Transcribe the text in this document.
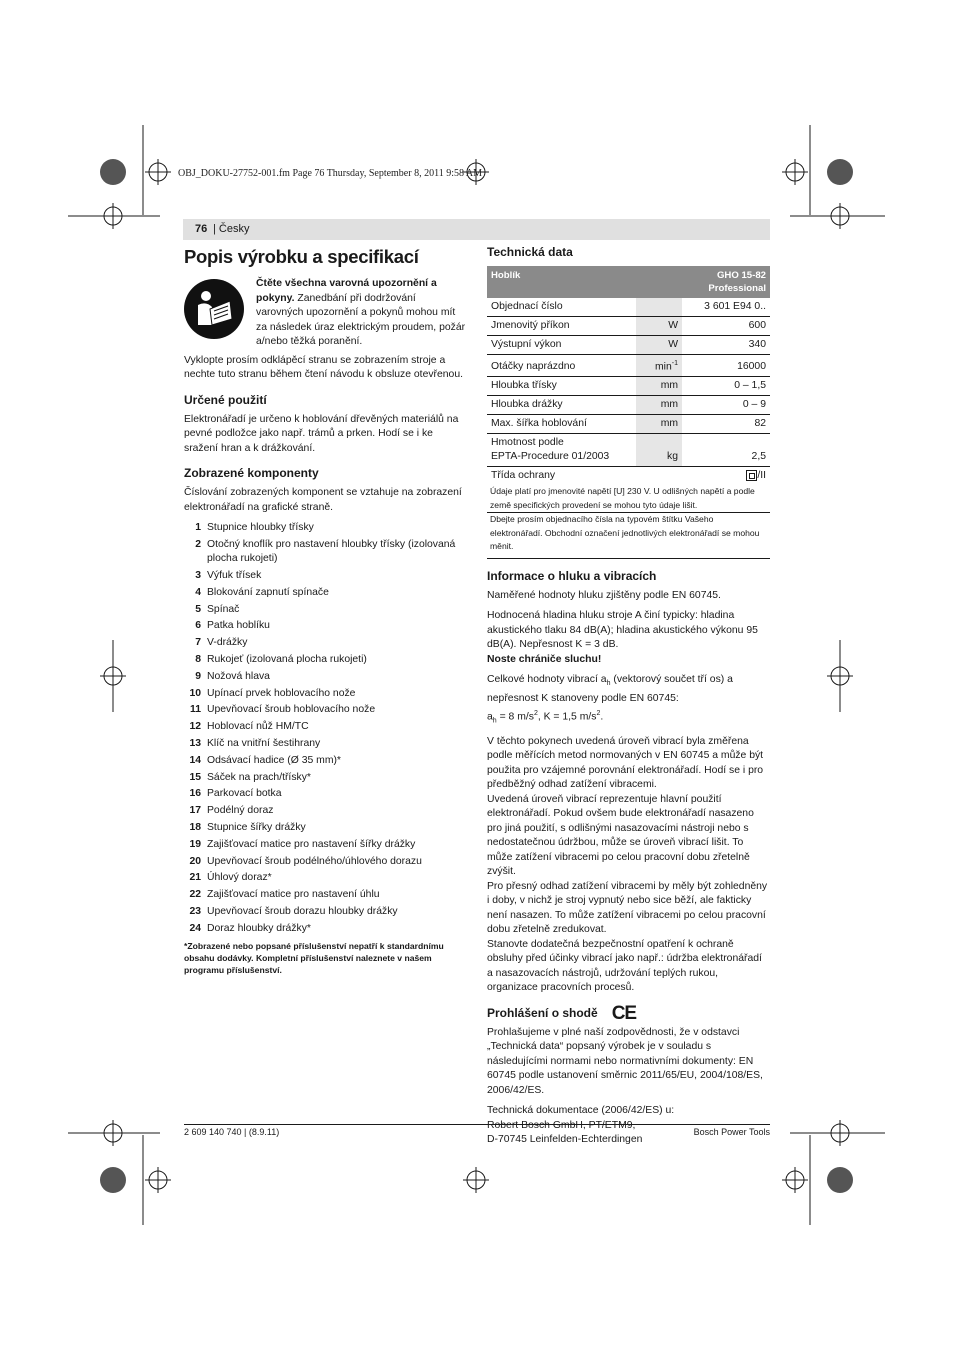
OBJ_DOKU-27752-001.fm Page 76 Thursday, September 8, 2011 9:58 AM
76 | Česky
Popis výrobku a specifikací

Čtěte všechna varovná upozornění a pokyny. Zanedbání při dodržování varovných upozornění a pokynů mohou mít za následek úraz elektrickým proudem, požár a/nebo těžká poranění.

Vyklopte prosím odklápěcí stranu se zobrazením stroje a nechte tuto stranu během čtení návodu k obsluze otevřenou.

Určené použití

Elektronářadí je určeno k hoblování dřevěných materiálů na pevné podložce jako např. trámů a prken. Hodí se i ke sražení hran a k drážkování.

Zobrazené komponenty

Číslování zobrazených komponent se vztahuje na zobrazení elektronářadí na grafické straně.

1 Stupnice hloubky třísky
2 Otočný knoflík pro nastavení hloubky třísky (izolovaná plocha rukojeti)
3 Výfuk třísek
4 Blokování zapnutí spínače
5 Spínač
6 Patka hoblíku
7 V-drážky
8 Rukojeť (izolovaná plocha rukojeti)
9 Nožová hlava
10 Upínací prvek hoblovacího nože
11 Upevňovací šroub hoblovacího nože
12 Hoblovací nůž HM/TC
13 Klíč na vnitřní šestihrany
14 Odsávací hadice (Ø 35 mm)*
15 Sáček na prach/třísky*
16 Parkovací botka
17 Podélný doraz
18 Stupnice šířky drážky
19 Zajišťovací matice pro nastavení šířky drážky
20 Upevňovací šroub podélného/úhlového dorazu
21 Úhlový doraz*
22 Zajišťovací matice pro nastavení úhlu
23 Upevňovací šroub dorazu hloubky drážky
24 Doraz hloubky drážky*
*Zobrazené nebo popsané příslušenství nepatří k standardnímu obsahu dodávky. Kompletní příslušenství naleznete v našem programu příslušenství.
Technická data
Hoblík		GHO 15-82
Professional
Objednací číslo		3 601 E94 0..
Jmenovitý příkon	W	600
Výstupní výkon	W	340
Otáčky naprázdno	$\min^{-1}$	16000
Hloubka třísky	mm	0 – 1,5
Hloubka drážky	mm	0 – 9
Max. šířka hoblování	mm	82
Hmotnost podle
EPTA-Procedure 01/2003	kg	2,5
Třída ochrany		/II
Údaje platí pro jmenovité napětí [U] 230 V. U odlišných napětí a podle země specifických provedení se mohou tyto údaje lišit.
Dbejte prosím objednacího čísla na typovém štítku Vašeho elektronářadí. Obchodní označení jednotlivých elektronářadí se mohou měnit.
Informace o hluku a vibracích

Naměřené hodnoty hluku zjištěny podle EN 60745.

Hodnocená hladina hluku stroje A činí typicky: hladina akustického tlaku 84 dB(A); hladina akustického výkonu 95 dB(A). Nepřesnost K = 3 dB.

Noste chrániče sluchu!

Celkové hodnoty vibrací $a_h$ (vektorový součet tří os) a nepřesnost K stanoveny podle EN 60745:
$a_h = 8$ $m/s^2$, K = 1,5 $m/s^2$.

V těchto pokynech uvedená úroveň vibrací byla změřena podle měřících metod normovaných v EN 60745 a může být použita pro vzájemné porovnání elektronářadí. Hodí se i pro předběžný odhad zatížení vibracemi.

Uvedená úroveň vibrací reprezentuje hlavní použití elektronářadí. Pokud ovšem bude elektronářadí nasazeno pro jiná použití, s odlišnými nasazovacími nástroji nebo s nedostatečnou údržbou, může se úroveň vibrací lišit. To může zatížení vibracemi po celou pracovní dobu zřetelně zvýšit.

Pro přesný odhad zatížení vibracemi by měly být zohledněny i doby, v nichž je stroj vypnutý nebo sice běží, ale fakticky není nasazen. To může zatížení vibracemi po celou pracovní dobu zřetelně zredukovat.

Stanovte dodatečná bezpečnostní opatření k ochraně obsluhy před účinky vibrací jako např.: údržba elektronářadí a nasazovacích nástrojů, udržování teplých rukou, organizace pracovních procesů.

Prohlášení o shodě CE

Prohlašujeme v plné naší zodpovědnosti, že v odstavci „Technická data“ popsaný výrobek je v souladu s následujícími normami nebo normativními dokumenty: EN 60745 podle ustanovení směrnic 2011/65/EU, 2004/108/ES, 2006/42/ES.

Technická dokumentace (2006/42/ES) u:
Robert Bosch GmbH, PT/ETM9,
D-70745 Leinfelden-Echterdingen

2 609 140 740 | (8.9.11)	Bosch Power Tools
